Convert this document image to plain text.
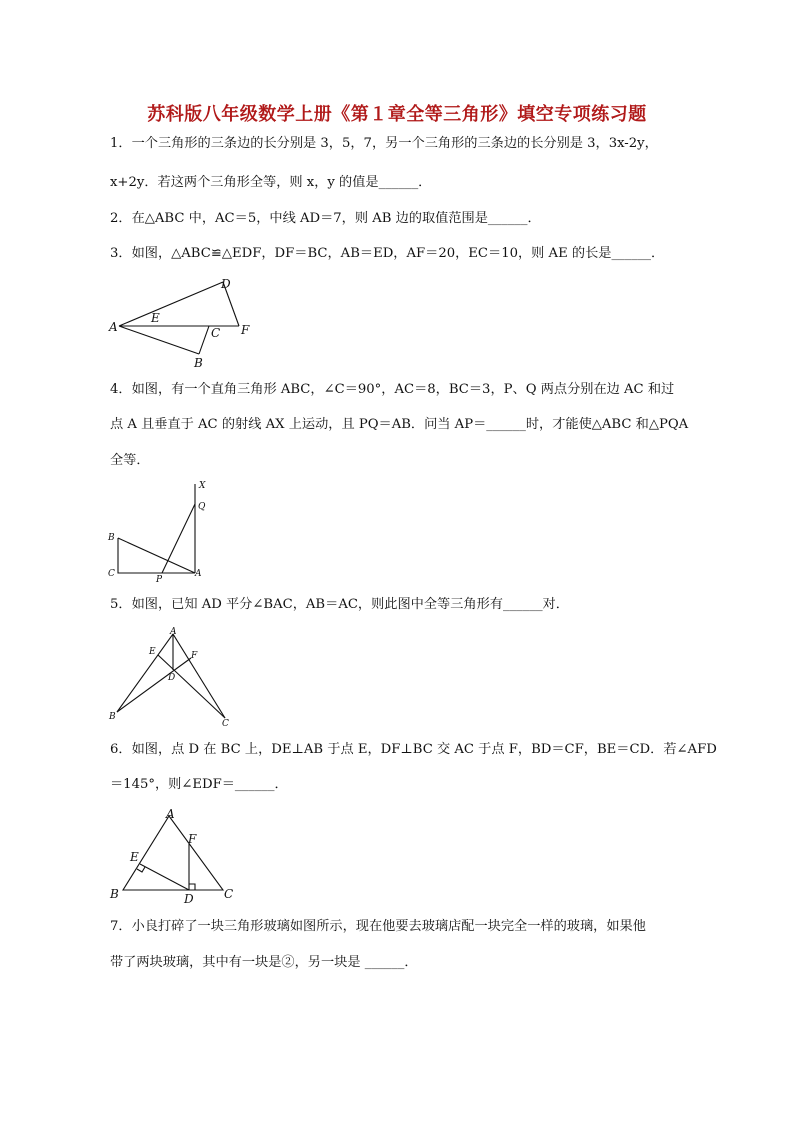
苏科版八年级数学上册《第１章全等三角形》填空专项练习题
1．一个三角形的三条边的长分别是 3，5，7，另一个三角形的三条边的长分别是 3，3x-2y，
x+2y．若这两个三角形全等，则 x，y 的值是______．
2．在△ABC 中，AC＝5，中线 AD＝7，则 AB 边的取值范围是______．
3．如图，△ABC≌△EDF，DF＝BC，AB＝ED，AF＝20，EC＝10，则 AE 的长是______．
D
E
C F
A
B
4．如图，有一个直角三角形 ABC，∠C＝90°，AC＝8，BC＝3，P、Q 两点分别在边 AC 和过
点 A 且垂直于 AC 的射线 AX 上运动，且 PQ＝AB．问当 AP＝______时，才能使△ABC 和△PQA
全等．
X
Q
B
C
P
A
5．如图，已知 AD 平分∠BAC，AB＝AC，则此图中全等三角形有______对．
A
E	F
D
B
C
6．如图，点 D 在 BC 上，DE⊥AB 于点 E，DF⊥BC 交 AC 于点 F，BD＝CF，BE＝CD．若∠AFD
＝145°，则∠EDF＝______．
A
F
E
B	D	C
7．小良打碎了一块三角形玻璃如图所示，现在他要去玻璃店配一块完全一样的玻璃，如果他
带了两块玻璃，其中有一块是②，另一块是 ______．
